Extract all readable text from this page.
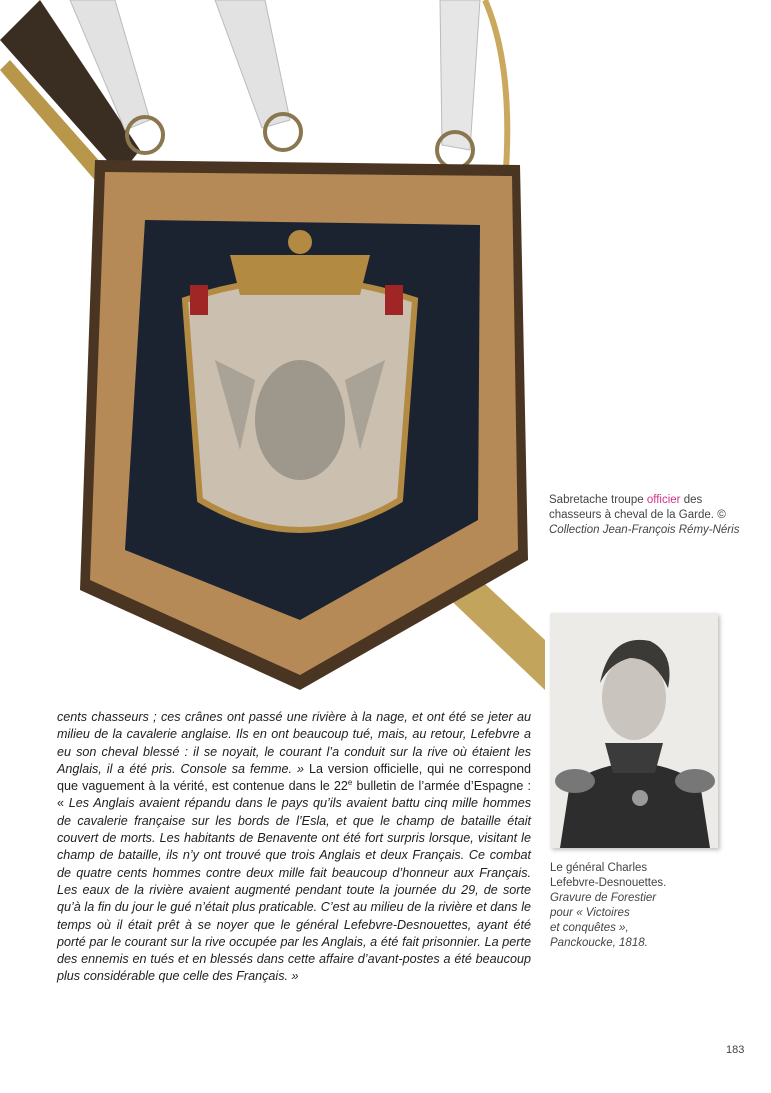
Sabretache troupe officier des chasseurs à cheval de la Garde. © Collection Jean-François Rémy-Néris
Le général Charles
Lefebvre-Desnouettes.
Gravure de Forestier
pour « Victoires
et conquêtes »,
Panckoucke, 1818.

cents chasseurs ; ces crânes ont passé une rivière à la nage, et ont été se jeter au milieu de la cavalerie anglaise. Ils en ont beaucoup tué, mais, au retour, Lefebvre a eu son cheval blessé : il se noyait, le courant l’a conduit sur la rive où étaient les Anglais, il a été pris. Console sa femme. » La version officielle, qui ne correspond que vaguement à la vérité, est contenue dans le 22e bulletin de l’armée d’Espagne : « Les Anglais avaient répandu dans le pays qu’ils avaient battu cinq mille hommes de cavalerie française sur les bords de l’Esla, et que le champ de bataille était couvert de morts. Les habitants de Benavente ont été fort surpris lorsque, visitant le champ de bataille, ils n’y ont trouvé que trois Anglais et deux Français. Ce combat de quatre cents hommes contre deux mille fait beaucoup d’honneur aux Français. Les eaux de la rivière avaient augmenté pendant toute la journée du 29, de sorte qu’à la fin du jour le gué n’était plus praticable. C’est au milieu de la rivière et dans le temps où il était prêt à se noyer que le général Lefebvre-Desnouettes, ayant été porté par le courant sur la rive occupée par les Anglais, a été fait prisonnier. La perte des ennemis en tués et en blessés dans cette affaire d’avant-postes a été beaucoup plus considérable que celle des Français. »

183
